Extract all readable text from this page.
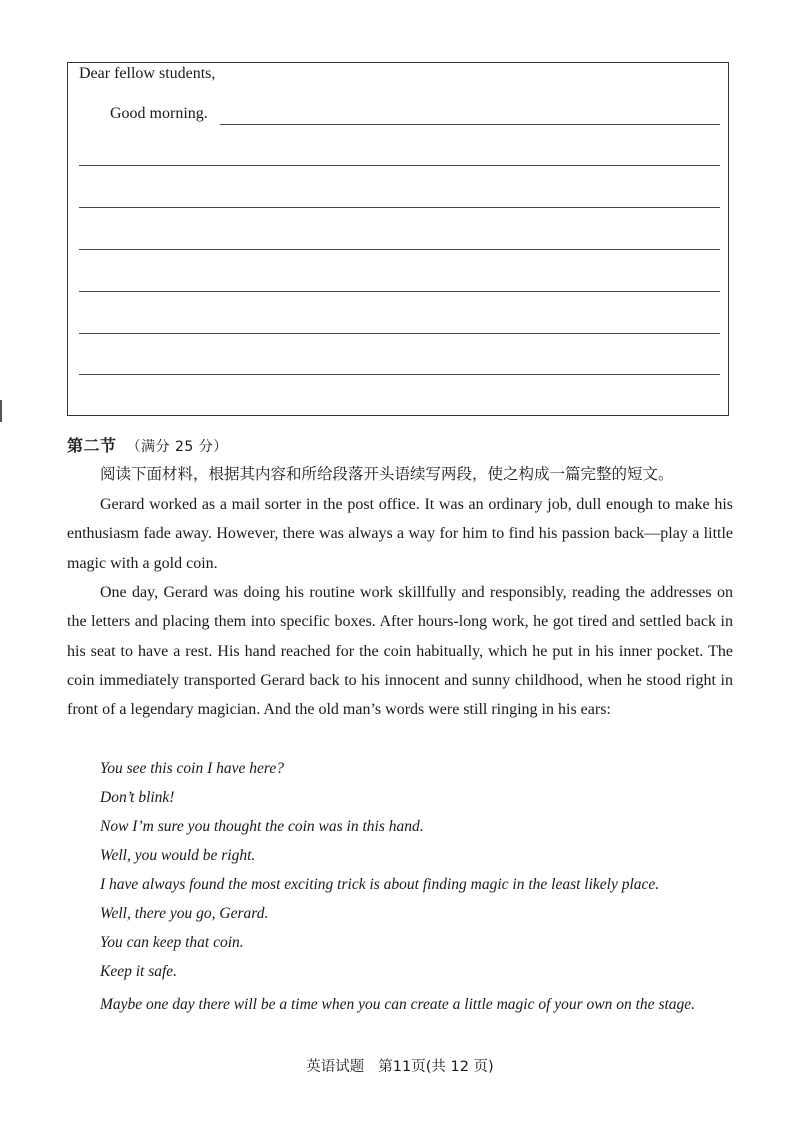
Dear fellow students,
Good morning.
第二节 （满分 25 分）
阅读下面材料，根据其内容和所给段落开头语续写两段，使之构成一篇完整的短文。

Gerard worked as a mail sorter in the post office. It was an ordinary job, dull enough to make his enthusiasm fade away. However, there was always a way for him to find his passion back—play a little magic with a gold coin.

One day, Gerard was doing his routine work skillfully and responsibly, reading the addresses on the letters and placing them into specific boxes. After hours-long work, he got tired and settled back in his seat to have a rest. His hand reached for the coin habitually, which he put in his inner pocket. The coin immediately transported Gerard back to his innocent and sunny childhood, when he stood right in front of a legendary magician. And the old man’s words were still ringing in his ears:

You see this coin I have here?

Don’t blink!

Now I’m sure you thought the coin was in this hand.

Well, you would be right.

I have always found the most exciting trick is about finding magic in the least likely place.

Well, there you go, Gerard.

You can keep that coin.

Keep it safe.

Maybe one day there will be a time when you can create a little magic of your own on the stage.

英语试题 第11页(共 12 页)
